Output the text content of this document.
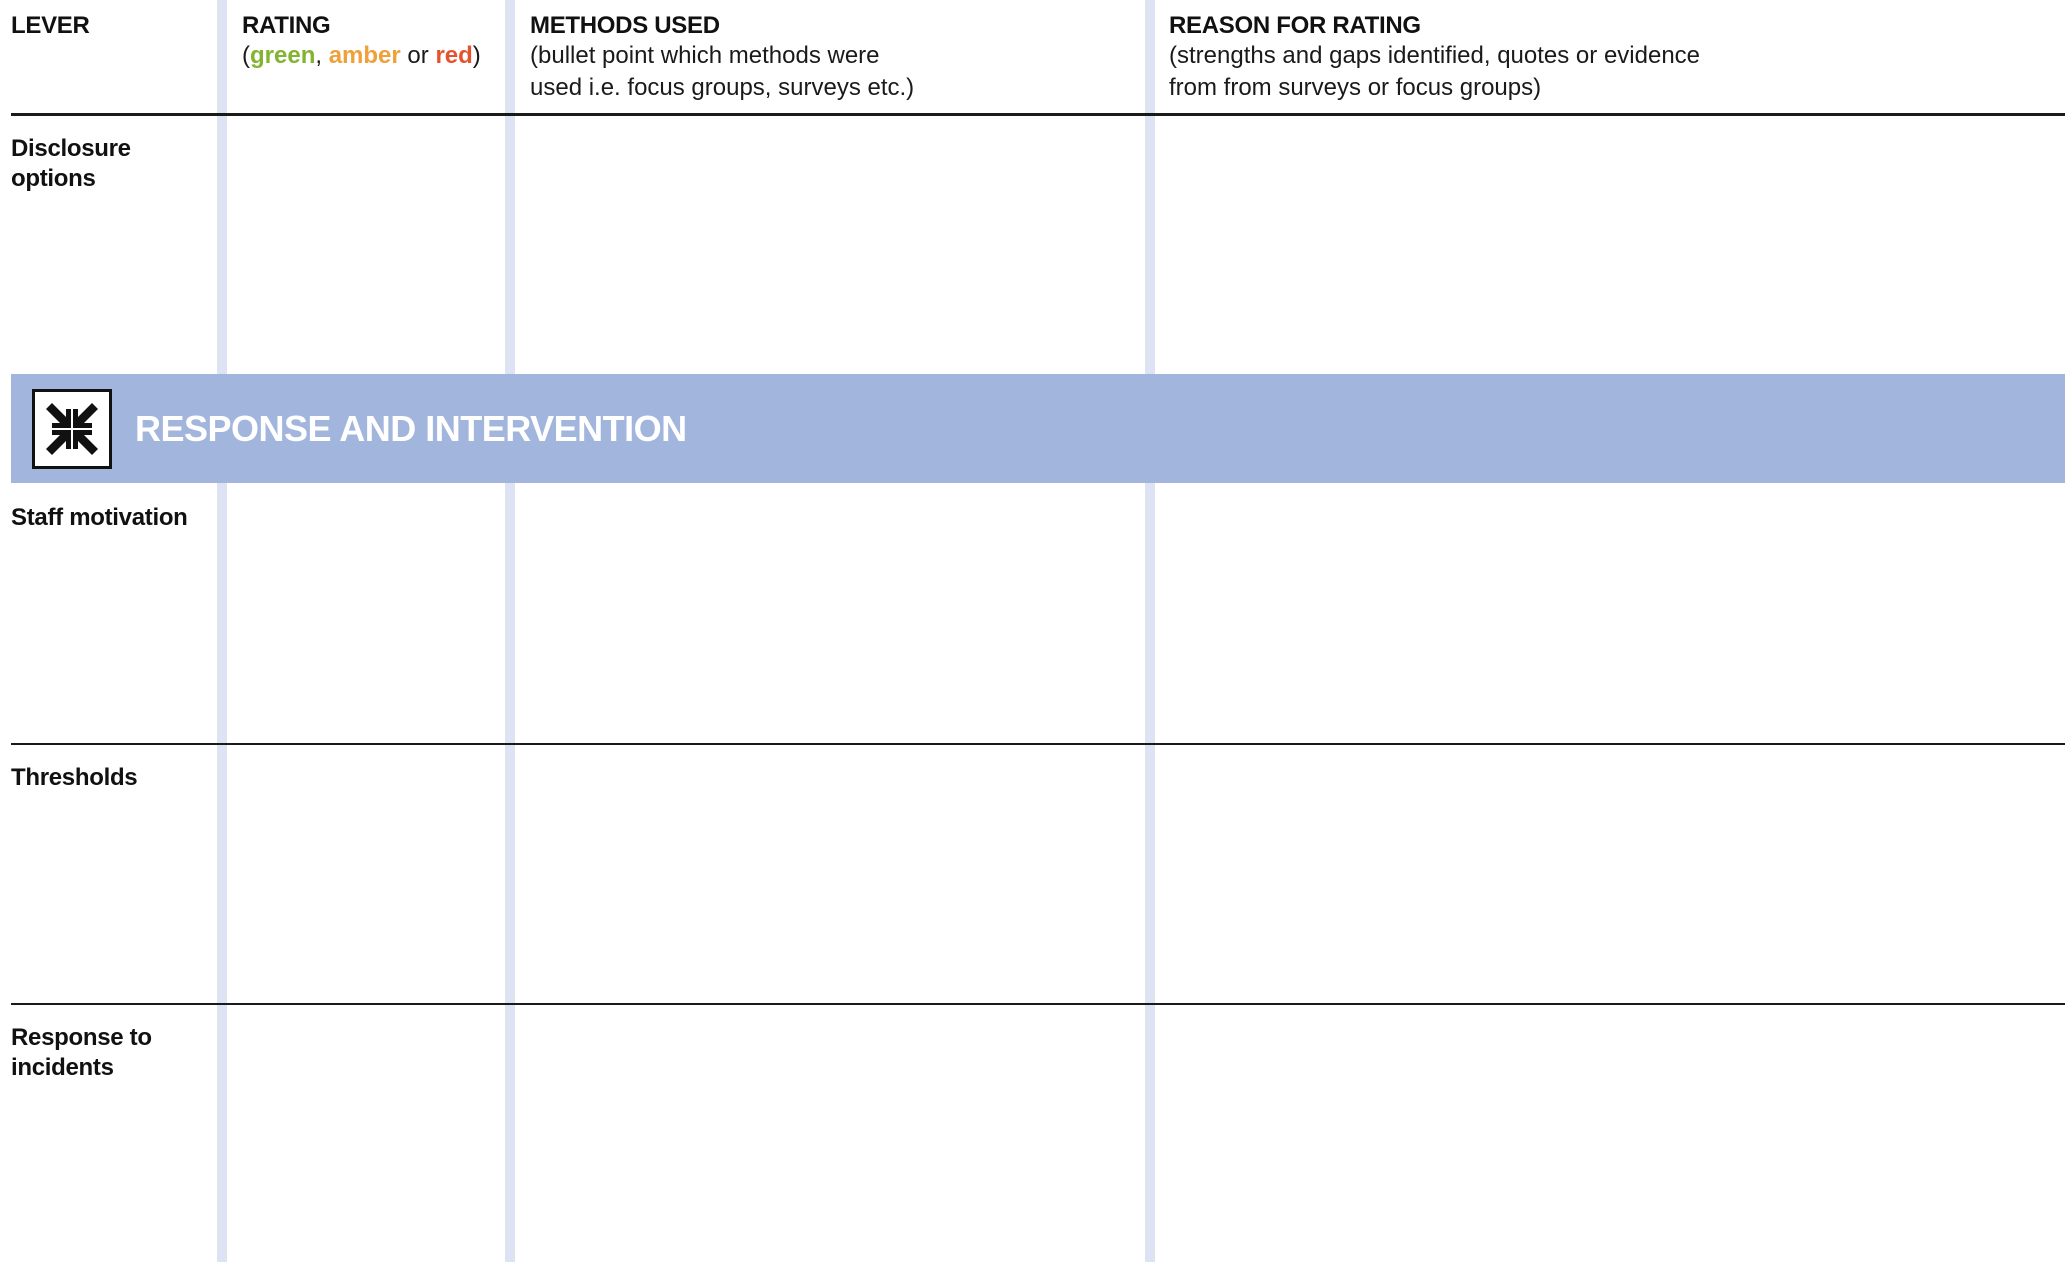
LEVER	RATING
(green, amber or red)
METHODS USED
(bullet point which methods were
used i.e. focus groups, surveys etc.)
REASON FOR RATING
(strengths and gaps identified, quotes or evidence
from from surveys or focus groups)
Disclosure
options
RESPONSE AND INTERVENTION
Staff motivation
Thresholds
Response to
incidents
